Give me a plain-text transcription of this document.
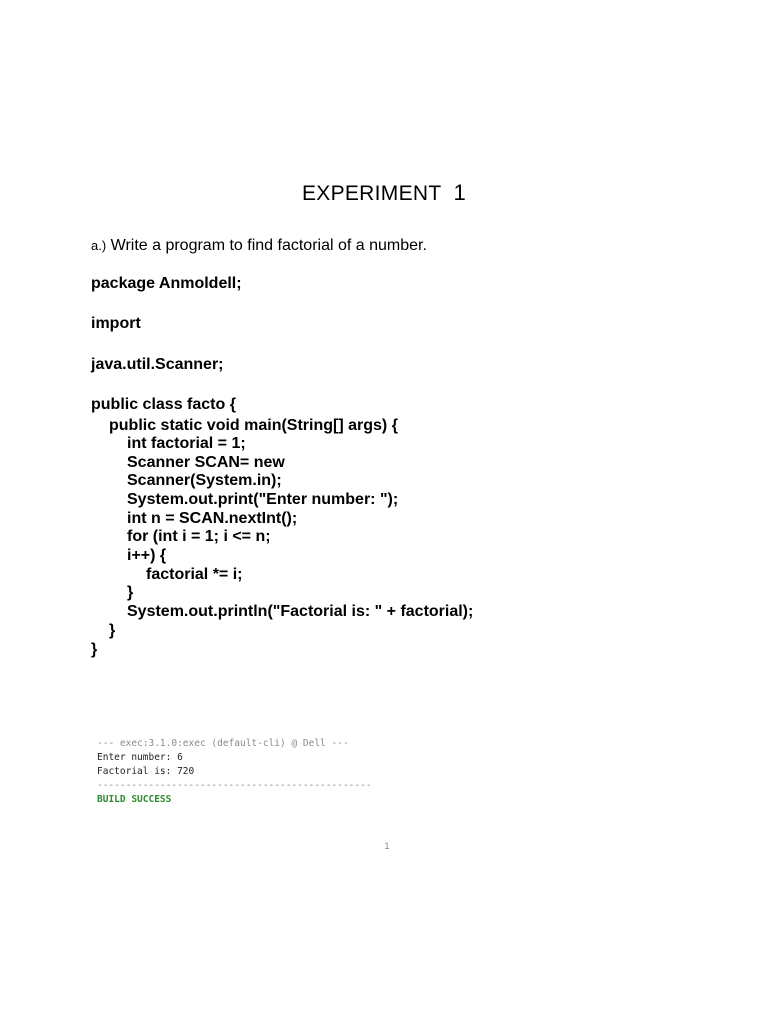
EXPERIMENT 1
a.) Write a program to find factorial of a number.
package Anmoldell;
import
java.util.Scanner;
public class facto {
public static void main(String[] args) {
int factorial = 1;
Scanner SCAN= new
Scanner(System.in);
System.out.print("Enter number: ");
int n = SCAN.nextInt();
for (int i = 1; i <= n;
i++) {
factorial *= i;
}
System.out.println("Factorial is: " + factorial);
}
}
--- exec:3.1.0:exec (default-cli) @ Dell ---
Enter number: 6
Factorial is: 720
------------------------------------------------
BUILD SUCCESS
1
